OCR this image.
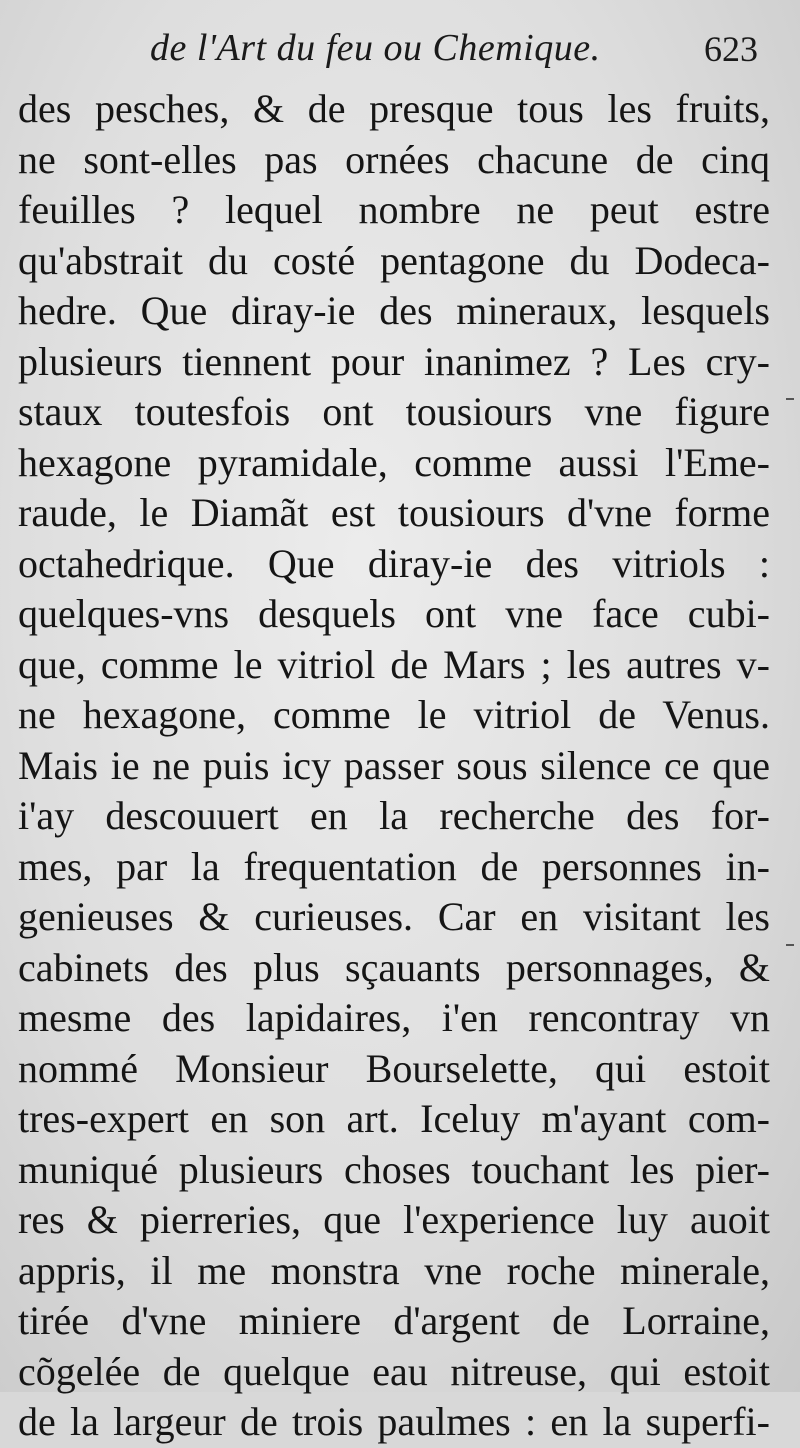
de l'Art du feu ou Chemique.	623
des pesches, & de presque tous les fruits,
ne sont-elles pas ornées chacune de cinq
feuilles ? lequel nombre ne peut estre
qu'abstrait du costé pentagone du Dodeca-
hedre. Que diray-ie des mineraux, lesquels
plusieurs tiennent pour inanimez ? Les cry-
staux toutesfois ont tousiours vne figure
hexagone pyramidale, comme aussi l'Eme-
raude, le Diamãt est tousiours d'vne forme
octahedrique. Que diray-ie des vitriols :
quelques-vns desquels ont vne face cubi-
que, comme le vitriol de Mars ; les autres v-
ne hexagone, comme le vitriol de Venus.
Mais ie ne puis icy passer sous silence ce que
i'ay descouuert en la recherche des for-
mes, par la frequentation de personnes in-
genieuses & curieuses. Car en visitant les
cabinets des plus sçauants personnages, &
mesme des lapidaires, i'en rencontray vn
nommé Monsieur Bourselette, qui estoit
tres-expert en son art. Iceluy m'ayant com-
muniqué plusieurs choses touchant les pier-
res & pierreries, que l'experience luy auoit
appris, il me monstra vne roche minerale,
tirée d'vne miniere d'argent de Lorraine,
cõgelée de quelque eau nitreuse, qui estoit
de la largeur de trois paulmes : en la superfi-
